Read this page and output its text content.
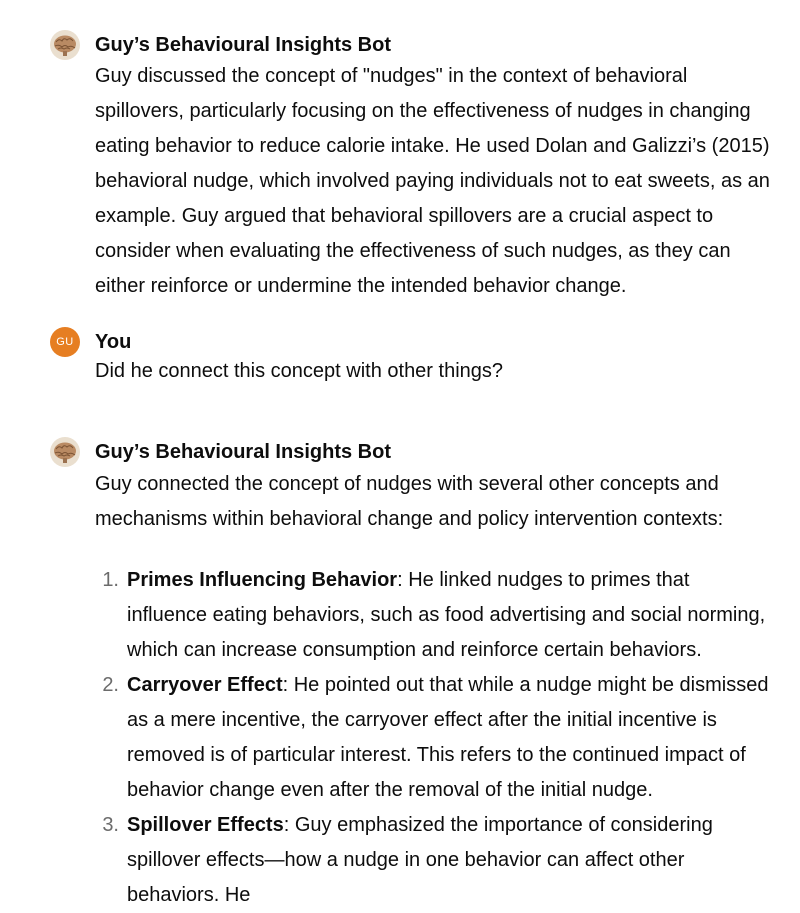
Guy’s Behavioural Insights Bot
Guy discussed the concept of "nudges" in the context of behavioral spillovers, particularly focusing on the effectiveness of nudges in changing eating behavior to reduce calorie intake. He used Dolan and Galizzi’s (2015) behavioral nudge, which involved paying individuals not to eat sweets, as an example. Guy argued that behavioral spillovers are a crucial aspect to consider when evaluating the effectiveness of such nudges, as they can either reinforce or undermine the intended behavior change.
GU	You
Did he connect this concept with other things?
Guy’s Behavioural Insights Bot
Guy connected the concept of nudges with several other concepts and mechanisms within behavioral change and policy intervention contexts:
1. Primes Influencing Behavior: He linked nudges to primes that influence eating behaviors, such as food advertising and social norming, which can increase consumption and reinforce certain behaviors.
2. Carryover Effect: He pointed out that while a nudge might be dismissed as a mere incentive, the carryover effect after the initial incentive is removed is of particular interest. This refers to the continued impact of behavior change even after the removal of the initial nudge.
3. Spillover Effects: Guy emphasized the importance of considering spillover effects—how a nudge in one behavior can affect other behaviors. He
